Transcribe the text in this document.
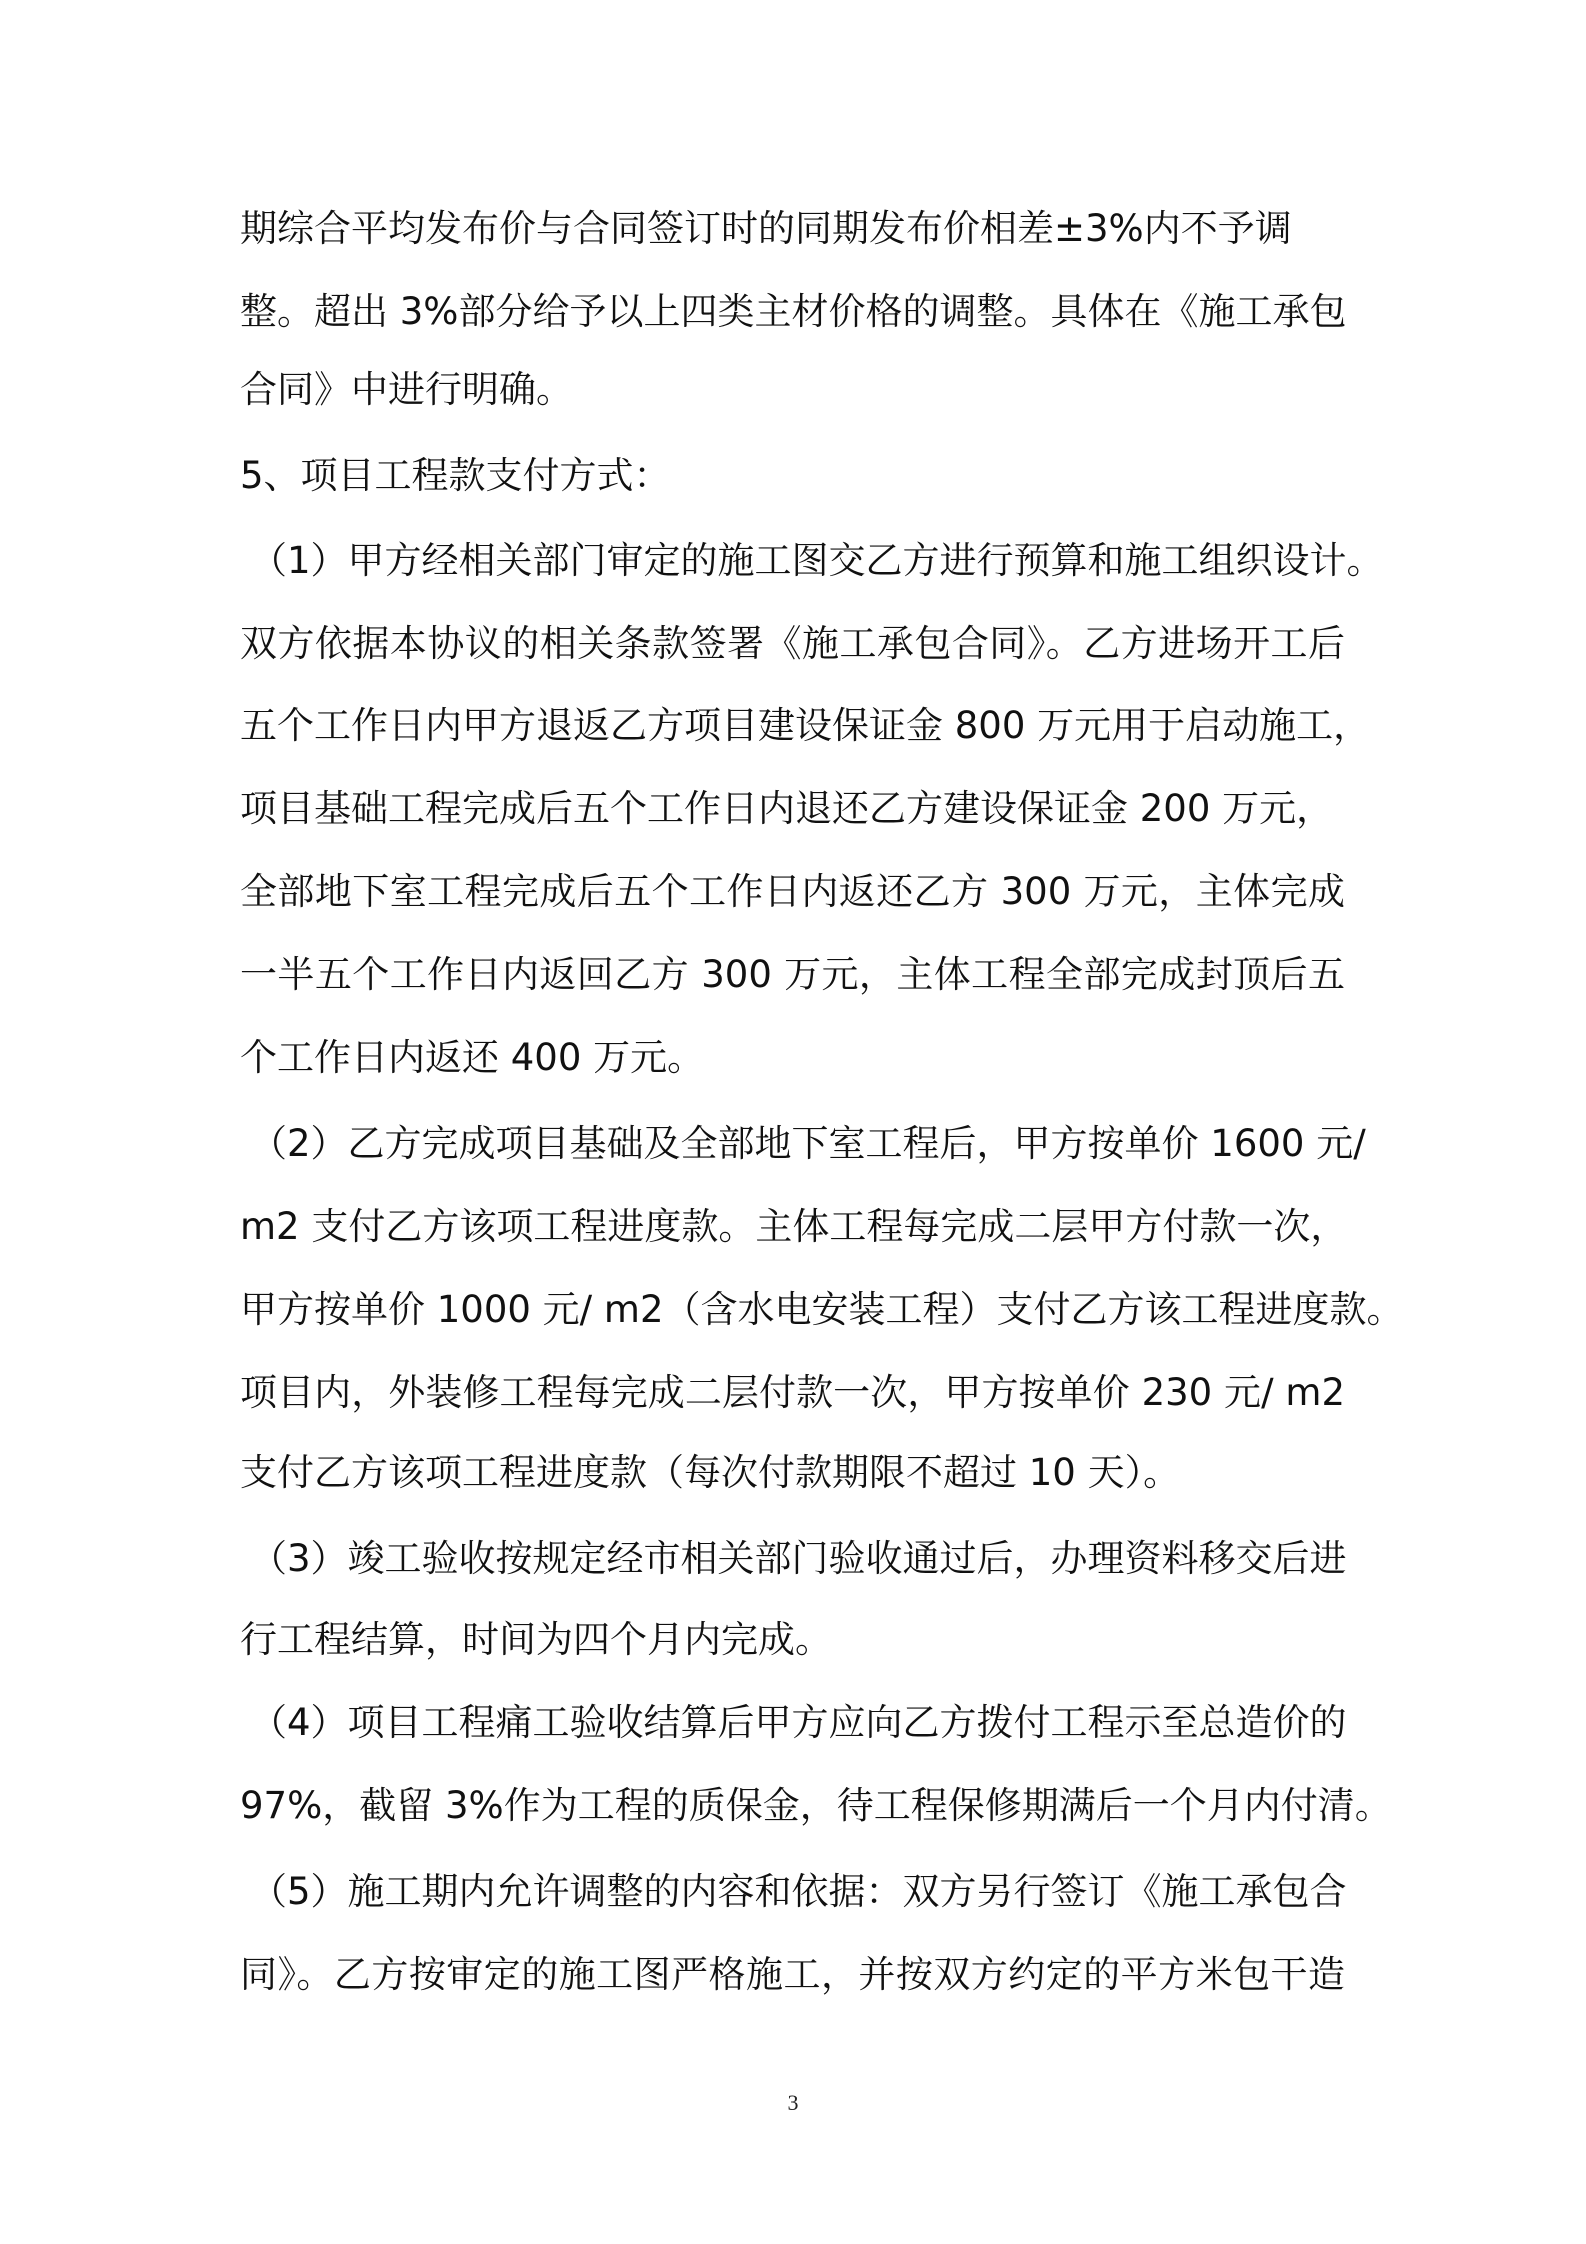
期综合平均发布价与合同签订时的同期发布价相差±3%内不予调
整。超出 3%部分给予以上四类主材价格的调整。具体在《施工承包
合同》中进行明确。
5、项目工程款支付方式：
（1）甲方经相关部门审定的施工图交乙方进行预算和施工组织设计。
双方依据本协议的相关条款签署《施工承包合同》。乙方进场开工后
五个工作日内甲方退返乙方项目建设保证金 800 万元用于启动施工，
项目基础工程完成后五个工作日内退还乙方建设保证金 200 万元，
全部地下室工程完成后五个工作日内返还乙方 300 万元，主体完成
一半五个工作日内返回乙方 300 万元，主体工程全部完成封顶后五
个工作日内返还 400 万元。
（2）乙方完成项目基础及全部地下室工程后，甲方按单价 1600 元/
m2 支付乙方该项工程进度款。主体工程每完成二层甲方付款一次，
甲方按单价 1000 元/ m2（含水电安装工程）支付乙方该工程进度款。
项目内，外装修工程每完成二层付款一次，甲方按单价 230 元/ m2
支付乙方该项工程进度款（每次付款期限不超过 10 天）。
（3）竣工验收按规定经市相关部门验收通过后，办理资料移交后进
行工程结算，时间为四个月内完成。
（4）项目工程痛工验收结算后甲方应向乙方拨付工程示至总造价的
97%，截留 3%作为工程的质保金，待工程保修期满后一个月内付清。
（5）施工期内允许调整的内容和依据：双方另行签订《施工承包合
同》。乙方按审定的施工图严格施工，并按双方约定的平方米包干造
3
